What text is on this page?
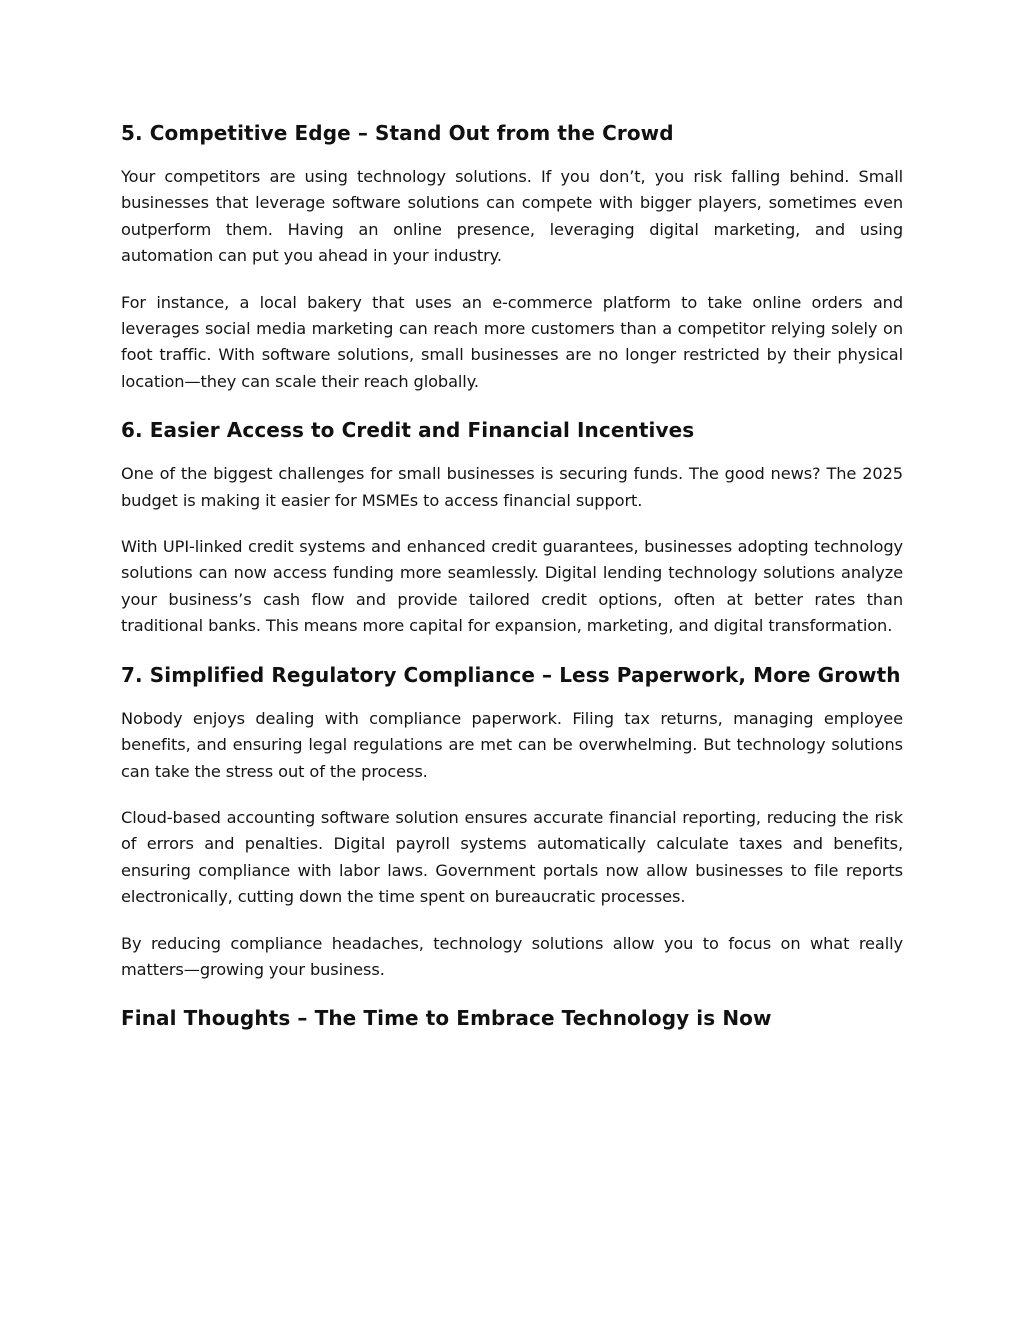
5. Competitive Edge – Stand Out from the Crowd

Your competitors are using technology solutions. If you don’t, you risk falling behind. Small businesses that leverage software solutions can compete with bigger players, sometimes even outperform them. Having an online presence, leveraging digital marketing, and using automation can put you ahead in your industry.

For instance, a local bakery that uses an e-commerce platform to take online orders and leverages social media marketing can reach more customers than a competitor relying solely on foot traffic. With software solutions, small businesses are no longer restricted by their physical location—they can scale their reach globally.

6. Easier Access to Credit and Financial Incentives

One of the biggest challenges for small businesses is securing funds. The good news? The 2025 budget is making it easier for MSMEs to access financial support.

With UPI-linked credit systems and enhanced credit guarantees, businesses adopting technology solutions can now access funding more seamlessly. Digital lending technology solutions analyze your business’s cash flow and provide tailored credit options, often at better rates than traditional banks. This means more capital for expansion, marketing, and digital transformation.

7. Simplified Regulatory Compliance – Less Paperwork, More Growth

Nobody enjoys dealing with compliance paperwork. Filing tax returns, managing employee benefits, and ensuring legal regulations are met can be overwhelming. But technology solutions can take the stress out of the process.

Cloud-based accounting software solution ensures accurate financial reporting, reducing the risk of errors and penalties. Digital payroll systems automatically calculate taxes and benefits, ensuring compliance with labor laws. Government portals now allow businesses to file reports electronically, cutting down the time spent on bureaucratic processes.

By reducing compliance headaches, technology solutions allow you to focus on what really matters—growing your business.

Final Thoughts – The Time to Embrace Technology is Now
